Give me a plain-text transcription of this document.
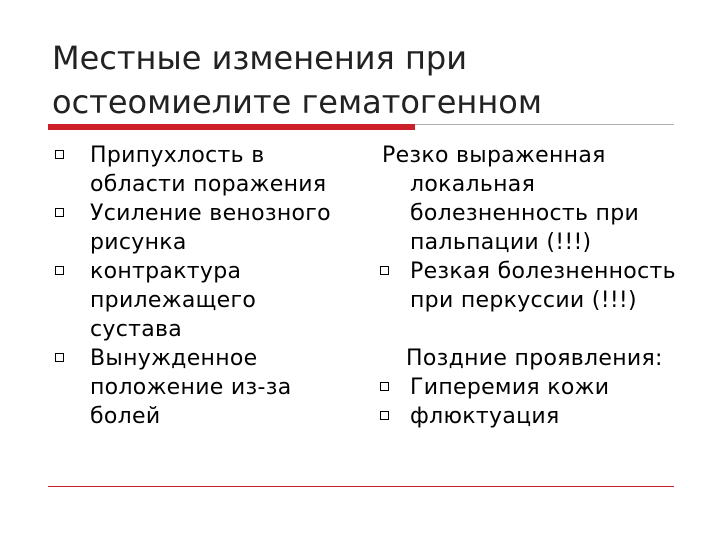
Местные изменения при
остеомиелите гематогенном
Припухлость в области поражения
Усиление венозного рисунка
контрактура прилежащего сустава
Вынужденное положение из-за болей
Резко выраженная
локальная
болезненность при
пальпации (!!!)
Резкая болезненность
при перкуссии (!!!)
Поздние проявления:
Гиперемия кожи
флюктуация
